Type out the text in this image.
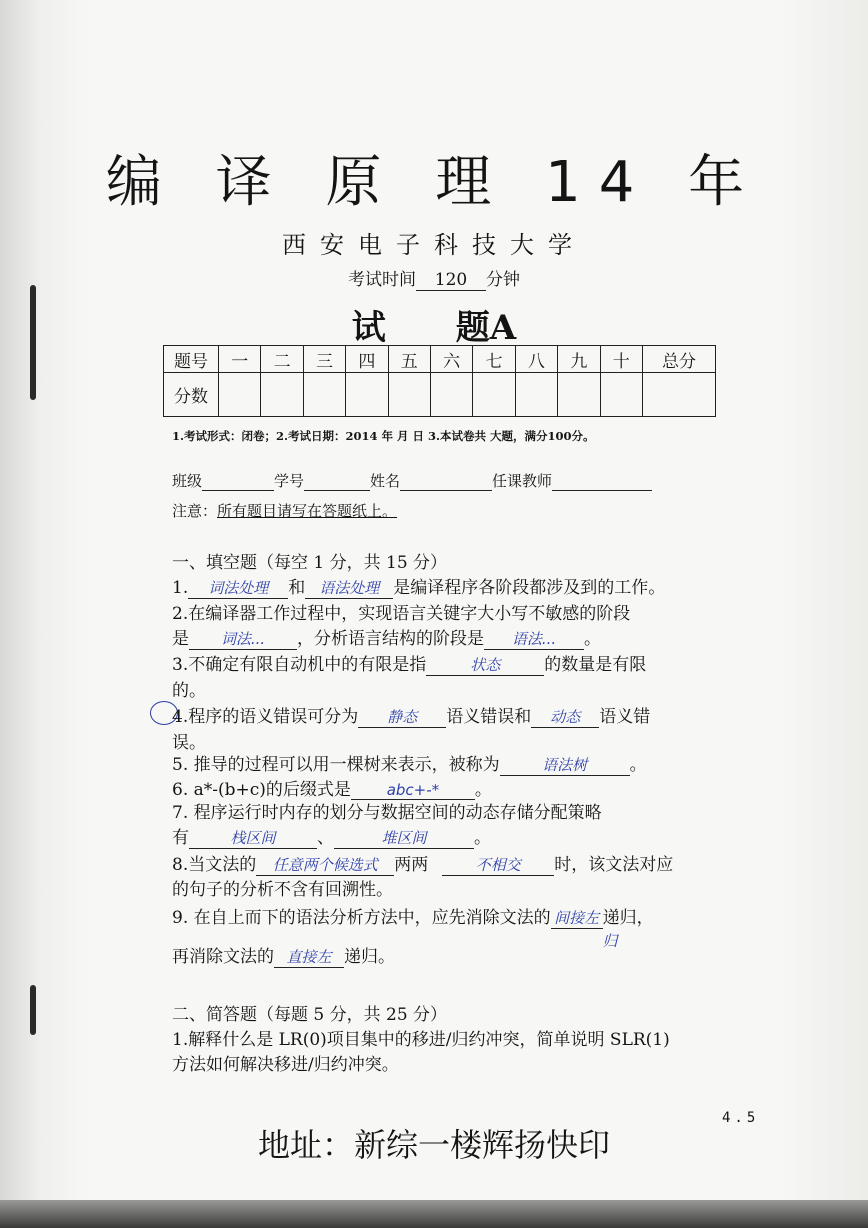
编 译 原 理 14 年
西安电子科技大学
考试时间 120 分钟
试 题A
题号	一	二	三	四	五	六	七	八	九	十	总分
分数											
1.考试形式：闭卷；2.考试日期：2014 年 月 日 3.本试卷共 大题，满分100分。
班级	学号	姓名	任课教师
注意：所有题目请写在答题纸上。
一、填空题（每空 1 分，共 15 分）
1. 词法处理 和 语法处理 是编译程序各阶段都涉及到的工作。
2.在编译器工作过程中，实现语言关键字大小写不敏感的阶段
是 词法... ，分析语言结构的阶段是 语法... 。
3.不确定有限自动机中的有限是指	状态	的数量是有限
的。
4.程序的语义错误可分为 静态 语义错误和 动态 语义错
误。
5. 推导的过程可以用一棵树来表示，被称为	语法树	。
6. a*-(b+c)的后缀式是 abc+-* 。
7. 程序运行时内存的划分与数据空间的动态存储分配策略
有	栈区间 、	堆区间	。
8.当文法的 任意两个候选式 两两	不相交 时，该文法对应
的句子的分析不含有回溯性。
9. 在自上而下的语法分析方法中，应先消除文法的 间接左 递归，
归
再消除文法的 直接左 递归。
二、简答题（每题 5 分，共 25 分）
1.解释什么是 LR(0)项目集中的移进/归约冲突，简单说明 SLR(1)
方法如何解决移进/归约冲突。
4.5
地址：新综一楼辉扬快印
